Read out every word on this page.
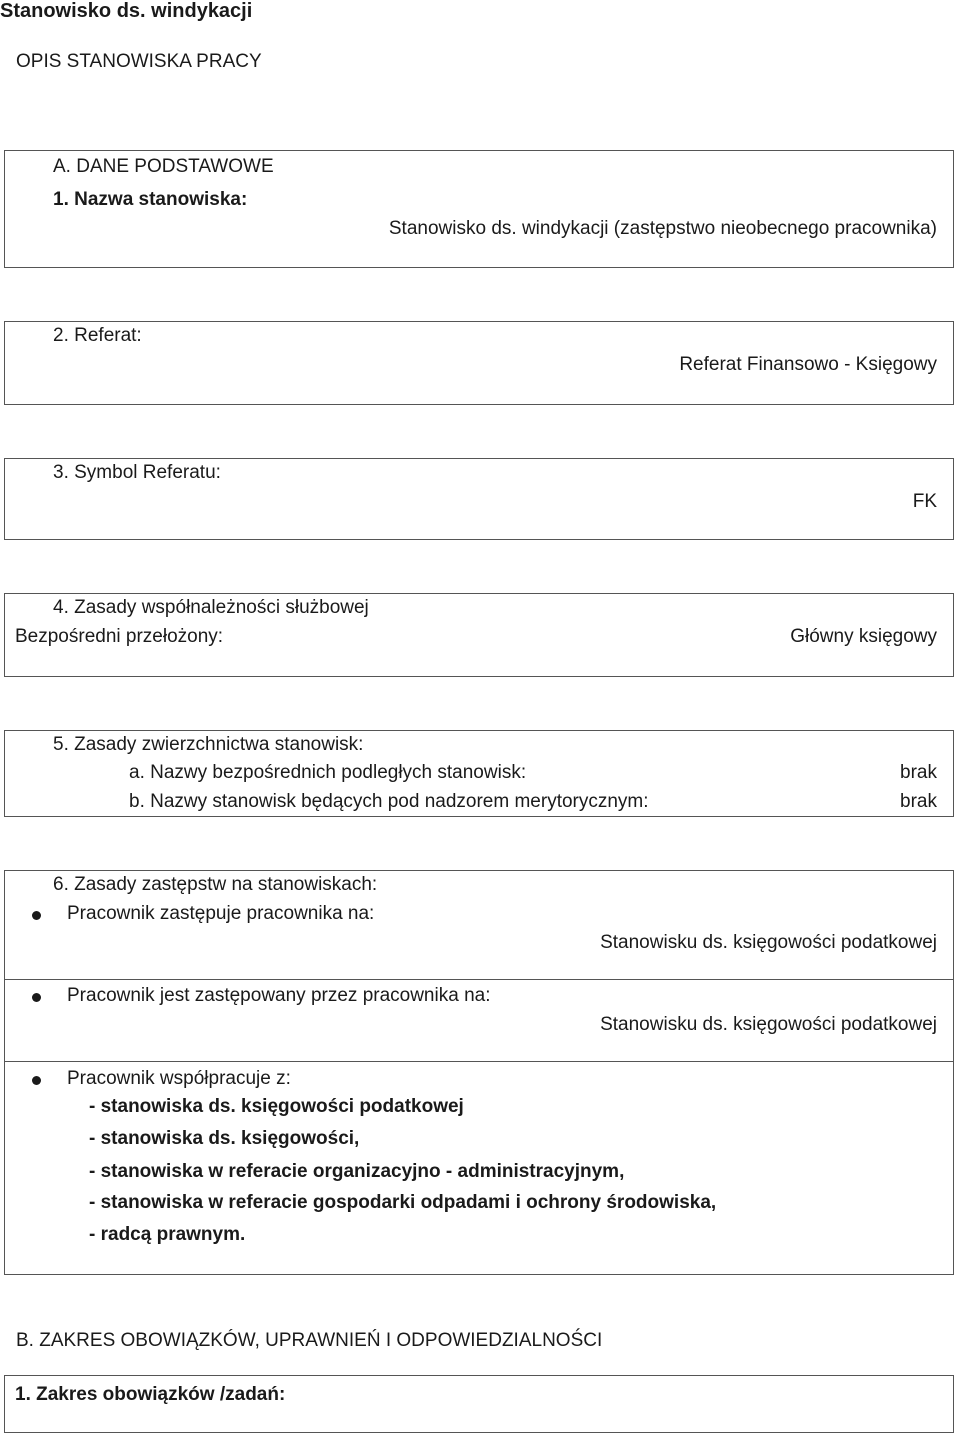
Stanowisko ds. windykacji
OPIS STANOWISKA PRACY
A. DANE PODSTAWOWE
1. Nazwa stanowiska:
Stanowisko ds. windykacji (zastępstwo nieobecnego pracownika)
2. Referat:
Referat Finansowo - Księgowy
3. Symbol Referatu:
FK
4. Zasady współnależności służbowej
Bezpośredni przełożony:	Główny księgowy
5. Zasady zwierzchnictwa stanowisk:
a. Nazwy bezpośrednich podległych stanowisk:	brak
b. Nazwy stanowisk będących pod nadzorem merytorycznym:	brak
6. Zasady zastępstw na stanowiskach:
Pracownik zastępuje pracownika na:
Stanowisku ds. księgowości podatkowej
Pracownik jest zastępowany przez pracownika na:
Stanowisku ds. księgowości podatkowej
Pracownik współpracuje z:
- stanowiska ds. księgowości podatkowej
- stanowiska ds. księgowości,
- stanowiska w referacie organizacyjno - administracyjnym,
- stanowiska w referacie gospodarki odpadami i ochrony środowiska,
- radcą prawnym.
B. ZAKRES OBOWIĄZKÓW, UPRAWNIEŃ I ODPOWIEDZIALNOŚCI
1. Zakres obowiązków /zadań:
